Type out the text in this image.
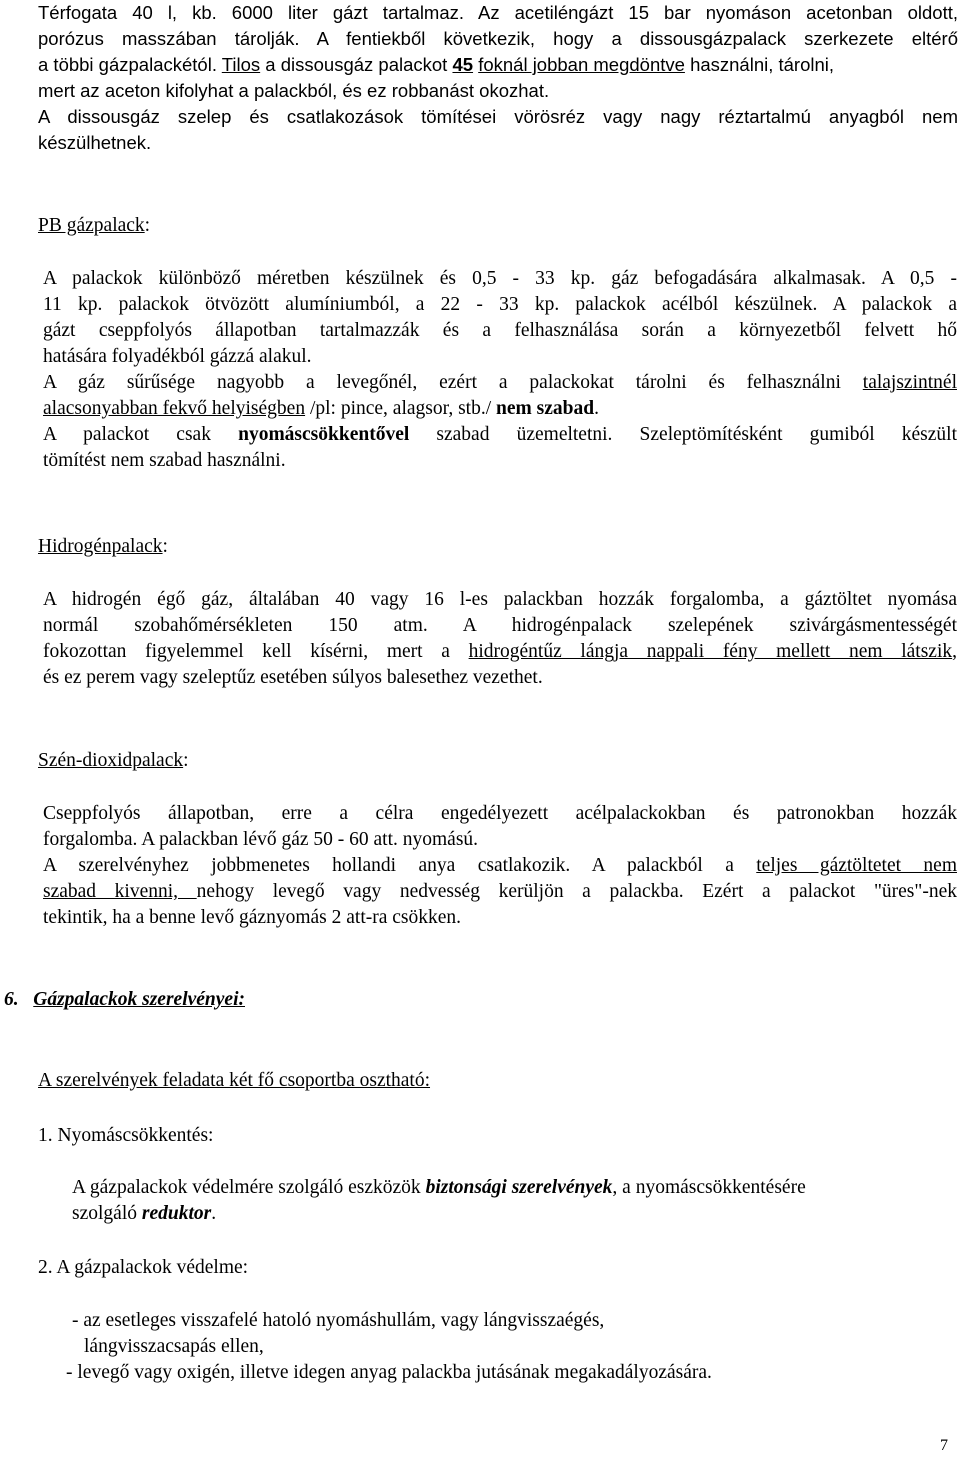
Térfogata 40 l, kb. 6000 liter gázt tartalmaz. Az acetiléngázt 15 bar nyomáson acetonban oldott,
porózus masszában tárolják. A fentiekből következik, hogy a dissousgázpalack szerkezete eltérő
a többi gázpalackétól. Tilos a dissousgáz palackot 45 foknál jobban megdöntve használni, tárolni,
mert az aceton kifolyhat a palackból, és ez robbanást okozhat.
A dissousgáz szelep és csatlakozások tömítései vörösréz vagy nagy réztartalmú anyagból nem
készülhetnek.
PB gázpalack:
A palackok különböző méretben készülnek és 0,5 - 33 kp. gáz befogadására alkalmasak. A 0,5 -
11 kp. palackok ötvözött alumíniumból, a 22 - 33 kp. palackok acélból készülnek. A palackok a
gázt cseppfolyós állapotban tartalmazzák és a felhasználása során a környezetből felvett hő
hatására folyadékból gázzá alakul.
A gáz sűrűsége nagyobb a levegőnél, ezért a palackokat tárolni és felhasználni talajszintnél
alacsonyabban fekvő helyiségben /pl: pince, alagsor, stb./ nem szabad.
A palackot csak nyomáscsökkentővel szabad üzemeltetni. Szeleptömítésként gumiból készült
tömítést nem szabad használni.
Hidrogénpalack:
A hidrogén égő gáz, általában 40 vagy 16 l-es palackban hozzák forgalomba, a gáztöltet nyomása
normál szobahőmérsékleten 150 atm. A hidrogénpalack szelepének szivárgásmentességét
fokozottan figyelemmel kell kísérni, mert a hidrogéntűz lángja nappali fény mellett nem látszik,
és ez perem vagy szeleptűz esetében súlyos balesethez vezethet.
Szén-dioxidpalack:
Cseppfolyós állapotban, erre a célra engedélyezett acélpalackokban és patronokban hozzák
forgalomba. A palackban lévő gáz 50 - 60 att. nyomású.
A szerelvényhez jobbmenetes hollandi anya csatlakozik. A palackból a teljes gáztöltetet nem
szabad kivenni, nehogy levegő vagy nedvesség kerüljön a palackba. Ezért a palackot "üres"-nek
tekintik, ha a benne levő gáznyomás 2 att-ra csökken.
6. Gázpalackok szerelvényei:
A szerelvények feladata két fő csoportba osztható:
1. Nyomáscsökkentés:
A gázpalackok védelmére szolgáló eszközök biztonsági szerelvények, a nyomáscsökkentésére
szolgáló reduktor.
2. A gázpalackok védelme:
- az esetleges visszafelé hatoló nyomáshullám, vagy lángvisszaégés,
lángvisszacsapás ellen,
- levegő vagy oxigén, illetve idegen anyag palackba jutásának megakadályozására.
7
